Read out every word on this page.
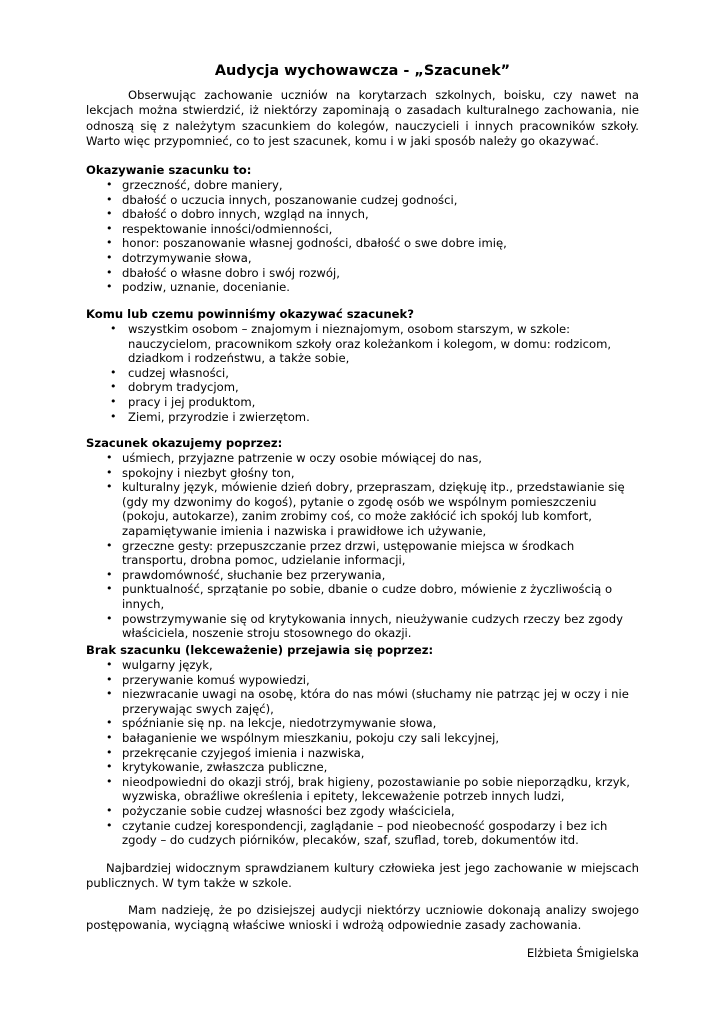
Audycja wychowawcza - „Szacunek”

Obserwując zachowanie uczniów na korytarzach szkolnych, boisku, czy nawet na lekcjach można stwierdzić, iż niektórzy zapominają o zasadach kulturalnego zachowania, nie odnoszą się z należytym szacunkiem do kolegów, nauczycieli i innych pracowników szkoły. Warto więc przypomnieć, co to jest szacunek, komu i w jaki sposób należy go okazywać.

Okazywanie szacunku to:
• grzeczność, dobre maniery,
• dbałość o uczucia innych, poszanowanie cudzej godności,
• dbałość o dobro innych, wzgląd na innych,
• respektowanie inności/odmienności,
• honor: poszanowanie własnej godności, dbałość o swe dobre imię,
• dotrzymywanie słowa,
• dbałość o własne dobro i swój rozwój,
• podziw, uznanie, docenianie.
Komu lub czemu powinniśmy okazywać szacunek?
• wszystkim osobom – znajomym i nieznajomym, osobom starszym, w szkole: nauczycielom, pracownikom szkoły oraz koleżankom i kolegom, w domu: rodzicom, dziadkom i rodzeństwu, a także sobie,
• cudzej własności,
• dobrym tradycjom,
• pracy i jej produktom,
• Ziemi, przyrodzie i zwierzętom.
Szacunek okazujemy poprzez:
• uśmiech, przyjazne patrzenie w oczy osobie mówiącej do nas,
• spokojny i niezbyt głośny ton,
• kulturalny język, mówienie dzień dobry, przepraszam, dziękuję itp., przedstawianie się (gdy my dzwonimy do kogoś), pytanie o zgodę osób we wspólnym pomieszczeniu (pokoju, autokarze), zanim zrobimy coś, co może zakłócić ich spokój lub komfort, zapamiętywanie imienia i nazwiska i prawidłowe ich używanie,
• grzeczne gesty: przepuszczanie przez drzwi, ustępowanie miejsca w środkach transportu, drobna pomoc, udzielanie informacji,
• prawdomówność, słuchanie bez przerywania,
• punktualność, sprzątanie po sobie, dbanie o cudze dobro, mówienie z życzliwością o innych,
• powstrzymywanie się od krytykowania innych, nieużywanie cudzych rzeczy bez zgody właściciela, noszenie stroju stosownego do okazji.
Brak szacunku (lekceważenie) przejawia się poprzez:
• wulgarny język,
• przerywanie komuś wypowiedzi,
• niezwracanie uwagi na osobę, która do nas mówi (słuchamy nie patrząc jej w oczy i nie przerywając swych zajęć),
• spóźnianie się np. na lekcje, niedotrzymywanie słowa,
• bałaganienie we wspólnym mieszkaniu, pokoju czy sali lekcyjnej,
• przekręcanie czyjegoś imienia i nazwiska,
• krytykowanie, zwłaszcza publiczne,
• nieodpowiedni do okazji strój, brak higieny, pozostawianie po sobie nieporządku, krzyk, wyzwiska, obraźliwe określenia i epitety, lekceważenie potrzeb innych ludzi,
• pożyczanie sobie cudzej własności bez zgody właściciela,
• czytanie cudzej korespondencji, zaglądanie – pod nieobecność gospodarzy i bez ich zgody – do cudzych piórników, plecaków, szaf, szuflad, toreb, dokumentów itd.

Najbardziej widocznym sprawdzianem kultury człowieka jest jego zachowanie w miejscach publicznych. W tym także w szkole.

Mam nadzieję, że po dzisiejszej audycji niektórzy uczniowie dokonają analizy swojego postępowania, wyciągną właściwe wnioski i wdrożą odpowiednie zasady zachowania.

Elżbieta Śmigielska
